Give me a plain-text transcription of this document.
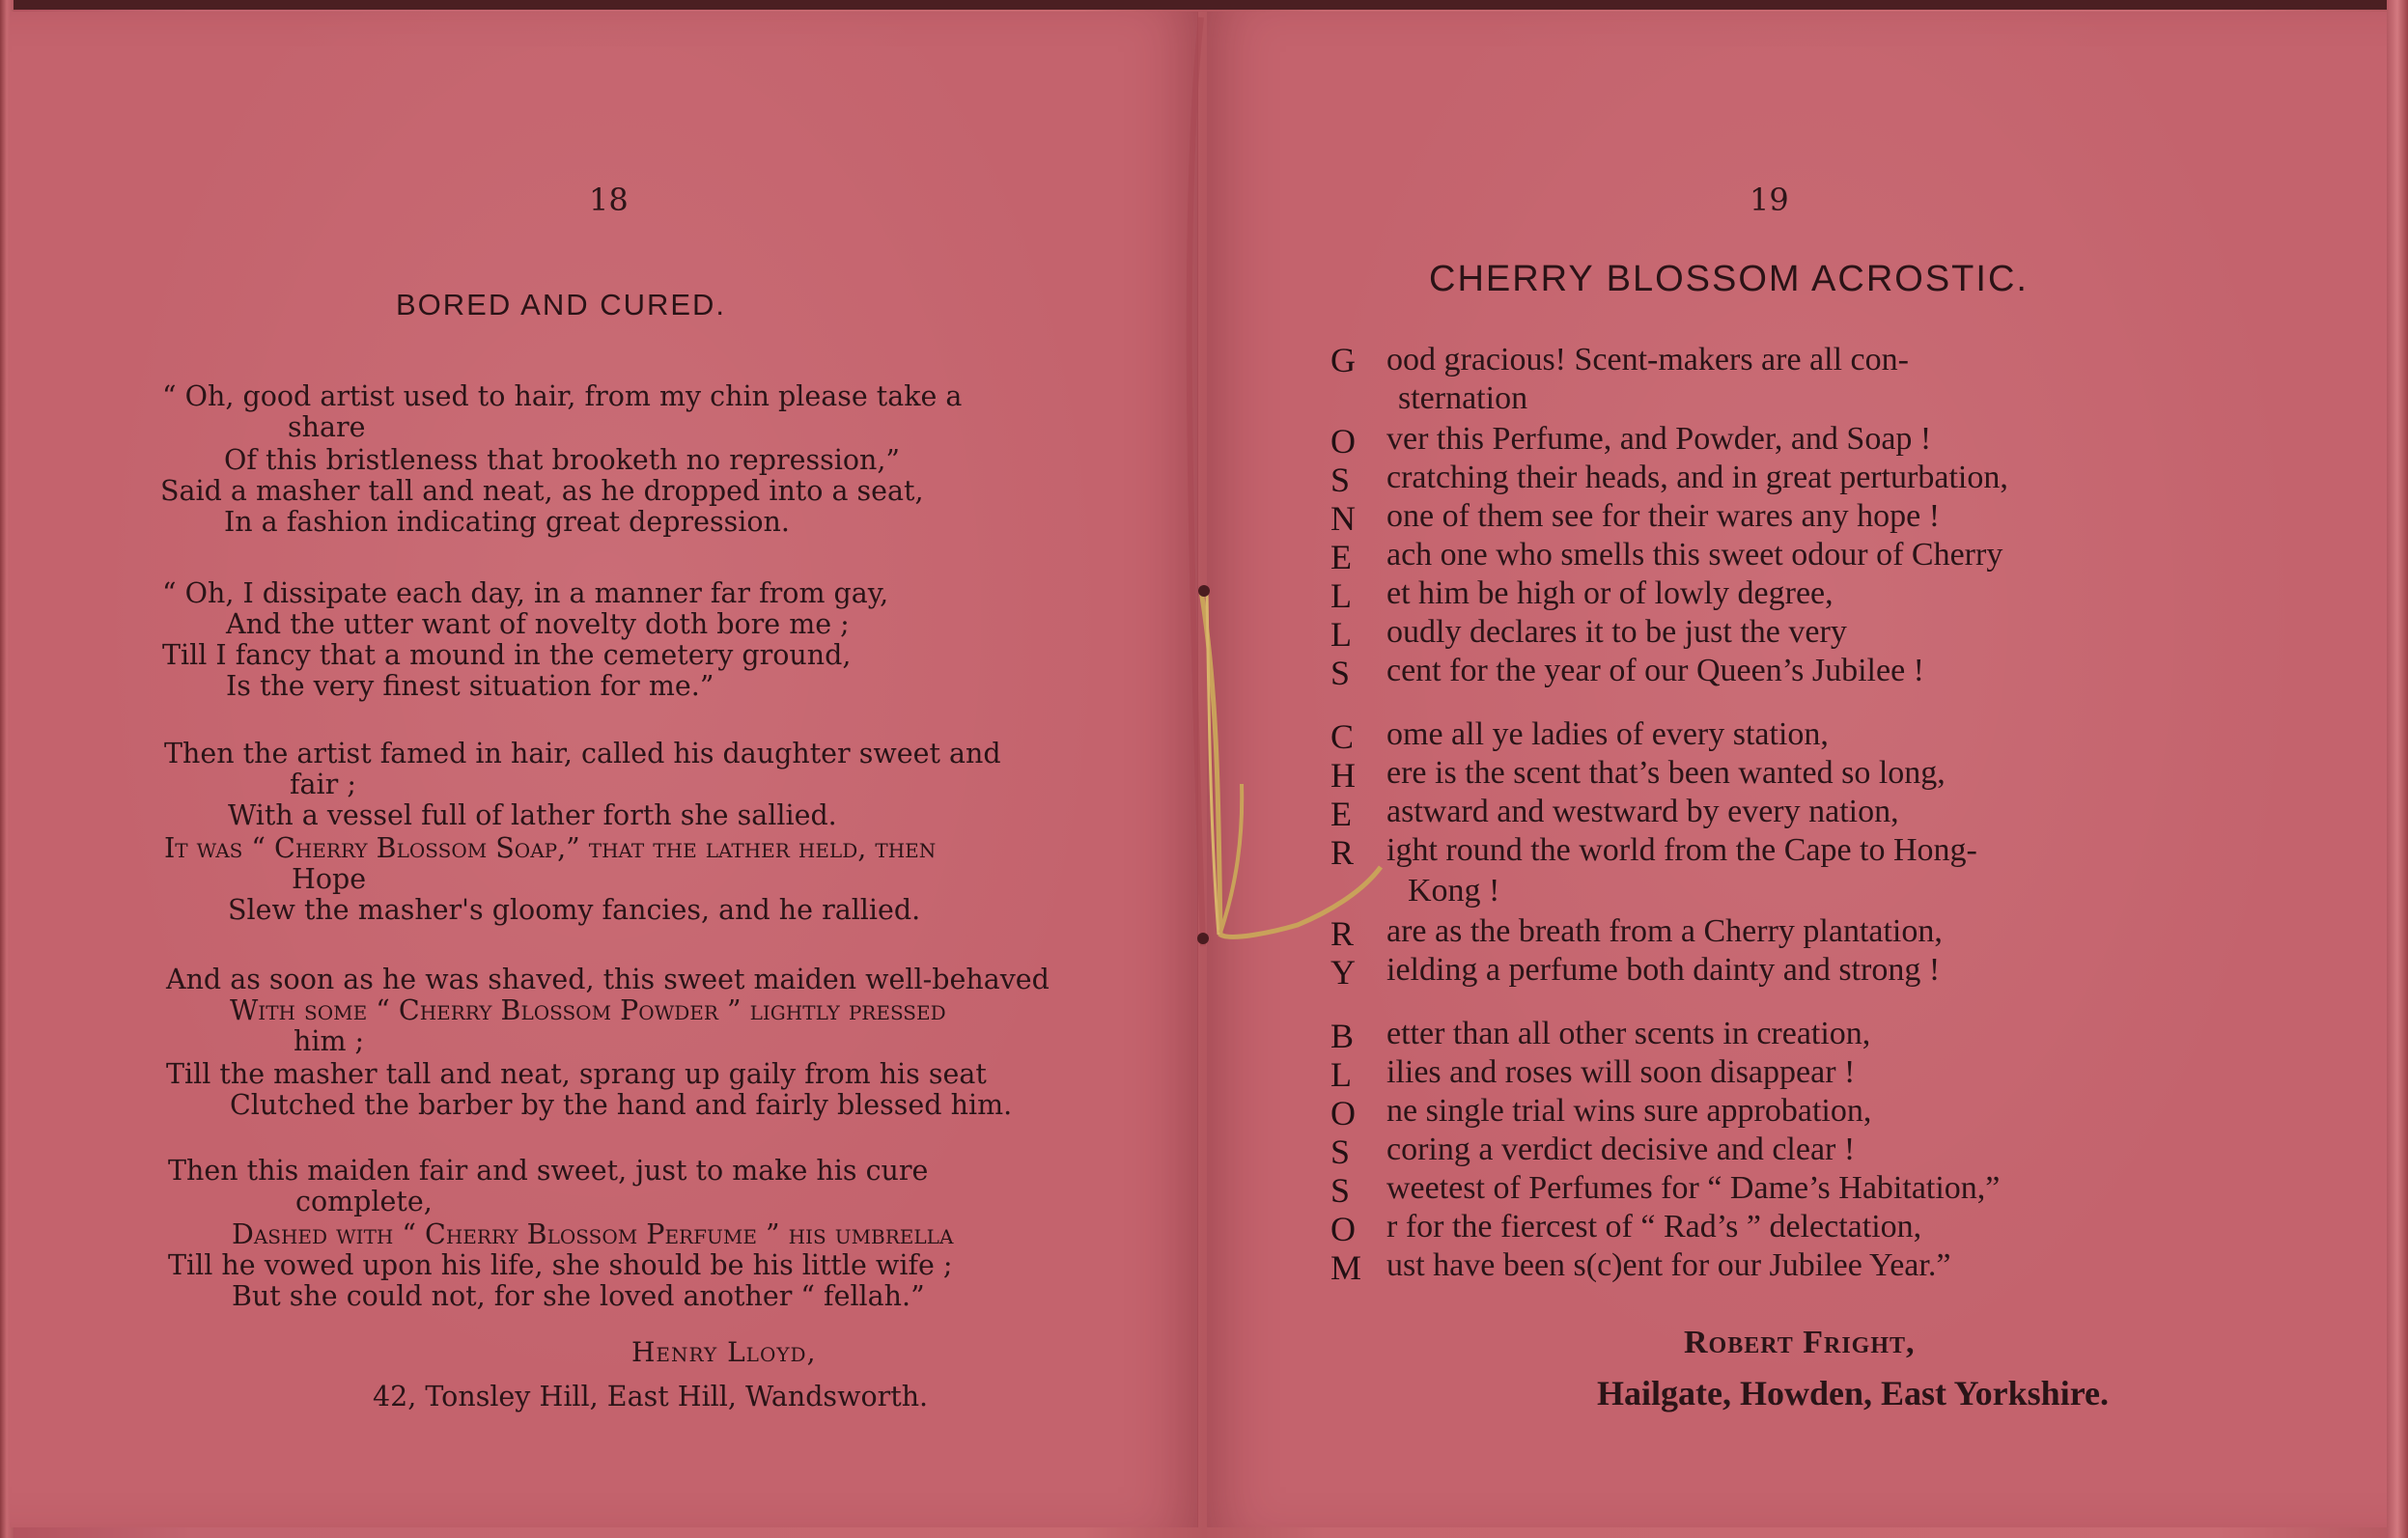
18
BORED AND CURED.
“ Oh, good artist used to hair, from my chin please take a
share
Of this bristleness that brooketh no repression,”
Said a masher tall and neat, as he dropped into a seat,
In a fashion indicating great depression.
“ Oh, I dissipate each day, in a manner far from gay,
And the utter want of novelty doth bore me ;
Till I fancy that a mound in the cemetery ground,
Is the very finest situation for me.”
Then the artist famed in hair, called his daughter sweet and
fair ;
With a vessel full of lather forth she sallied.
It was “ Cherry Blossom Soap,” that the lather held, then
Hope
Slew the masher's gloomy fancies, and he rallied.
And as soon as he was shaved, this sweet maiden well-behaved
With some “ Cherry Blossom Powder ” lightly pressed
him ;
Till the masher tall and neat, sprang up gaily from his seat
Clutched the barber by the hand and fairly blessed him.
Then this maiden fair and sweet, just to make his cure
complete,
Dashed with “ Cherry Blossom Perfume ” his umbrella
Till he vowed upon his life, she should be his little wife ;
But she could not, for she loved another “ fellah.”
Henry Lloyd,
42, Tonsley Hill, East Hill, Wandsworth.
19
CHERRY BLOSSOM ACROSTIC.
G
O
S
N
E
L
L
S
C
H
E
R
R
Y
B
L
O
S
S
O
M
ood gracious! Scent-makers are all con-
sternation
ver this Perfume, and Powder, and Soap !
cratching their heads, and in great perturbation,
one of them see for their wares any hope !
ach one who smells this sweet odour of Cherry
et him be high or of lowly degree,
oudly declares it to be just the very
cent for the year of our Queen’s Jubilee !
ome all ye ladies of every station,
ere is the scent that’s been wanted so long,
astward and westward by every nation,
ight round the world from the Cape to Hong-
Kong !
are as the breath from a Cherry plantation,
ielding a perfume both dainty and strong !
etter than all other scents in creation,
ilies and roses will soon disappear !
ne single trial wins sure approbation,
coring a verdict decisive and clear !
weetest of Perfumes for “ Dame’s Habitation,”
r for the fiercest of “ Rad’s ” delectation,
ust have been s(c)ent for our Jubilee Year.”
Robert Fright,
Hailgate, Howden, East Yorkshire.
